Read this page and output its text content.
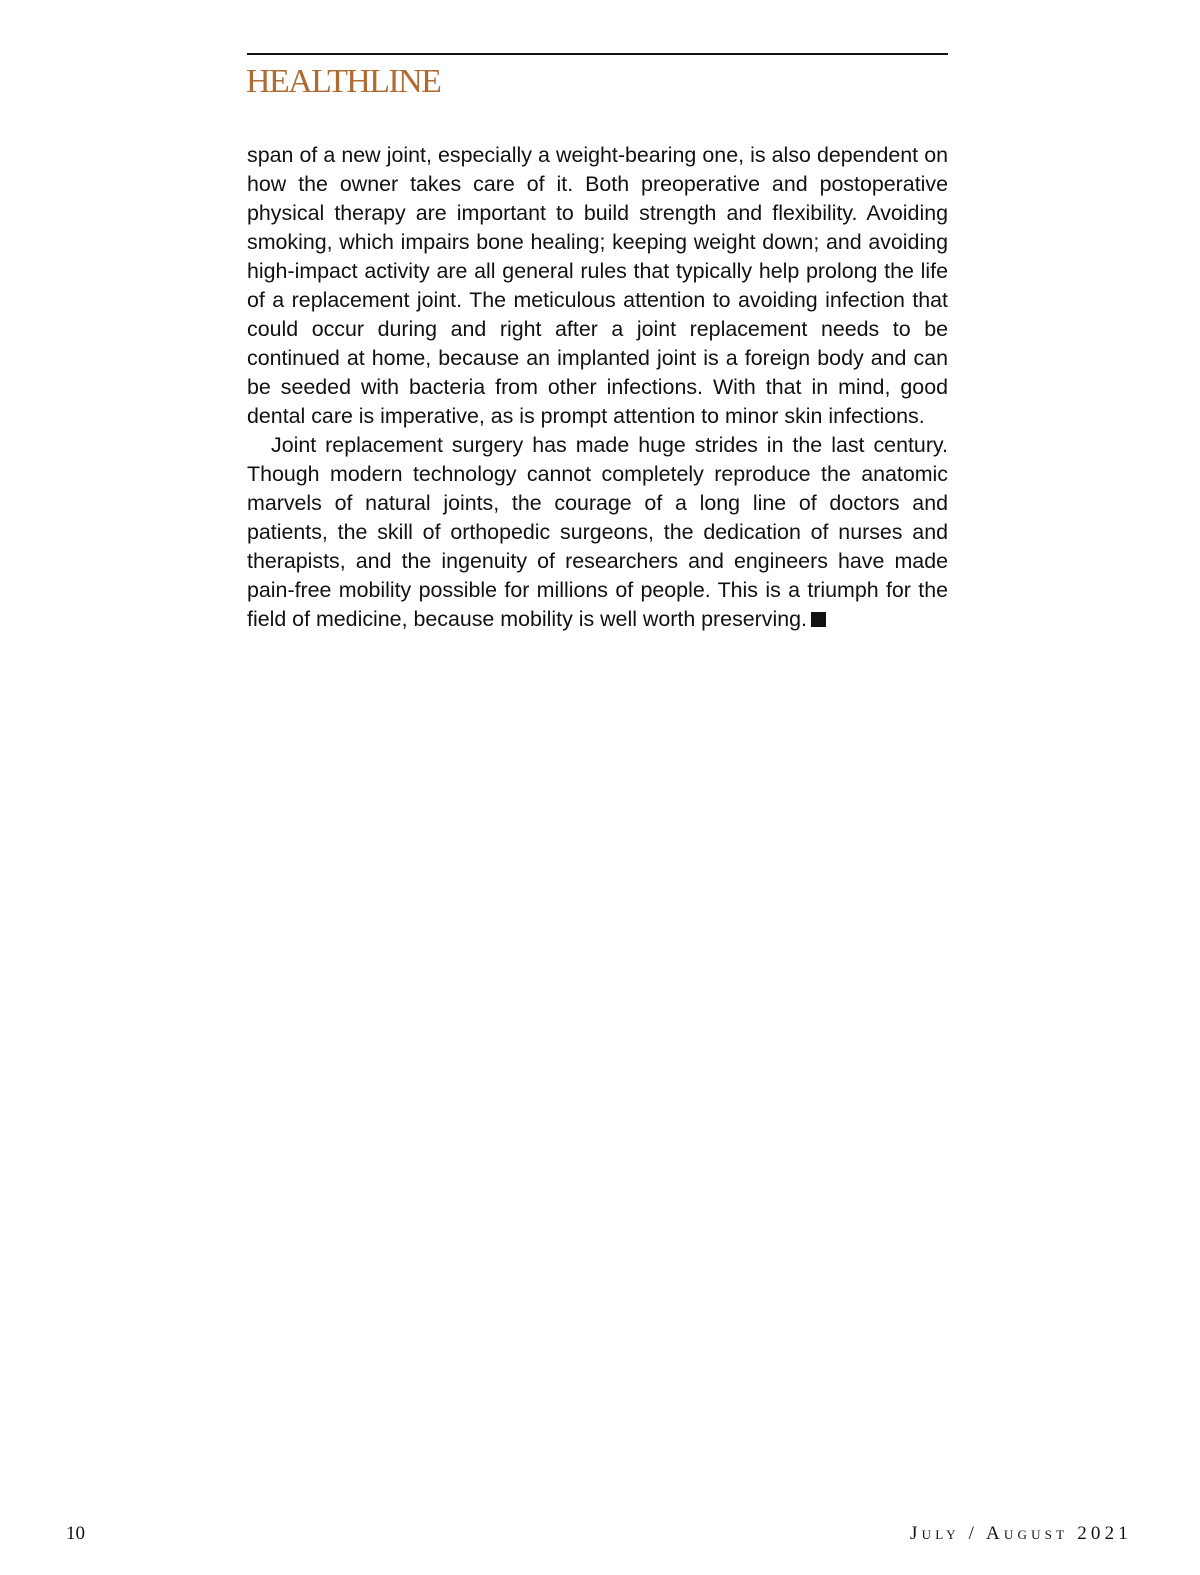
HEALTHLINE

span of a new joint, especially a weight-bearing one, is also dependent on how the owner takes care of it. Both preoperative and postoperative physical therapy are important to build strength and flexibility. Avoiding smoking, which impairs bone healing; keeping weight down; and avoiding high-impact activity are all general rules that typically help prolong the life of a replacement joint. The meticulous attention to avoiding infection that could occur during and right after a joint replacement needs to be continued at home, because an implanted joint is a foreign body and can be seeded with bacteria from other infections. With that in mind, good dental care is imperative, as is prompt attention to minor skin infections.

Joint replacement surgery has made huge strides in the last century. Though modern technology cannot completely reproduce the anatomic marvels of natural joints, the courage of a long line of doctors and patients, the skill of orthopedic surgeons, the dedication of nurses and therapists, and the ingenuity of researchers and engineers have made pain-free mobility possible for millions of people. This is a triumph for the field of medicine, because mobility is well worth preserving.

10	July / August 2021
